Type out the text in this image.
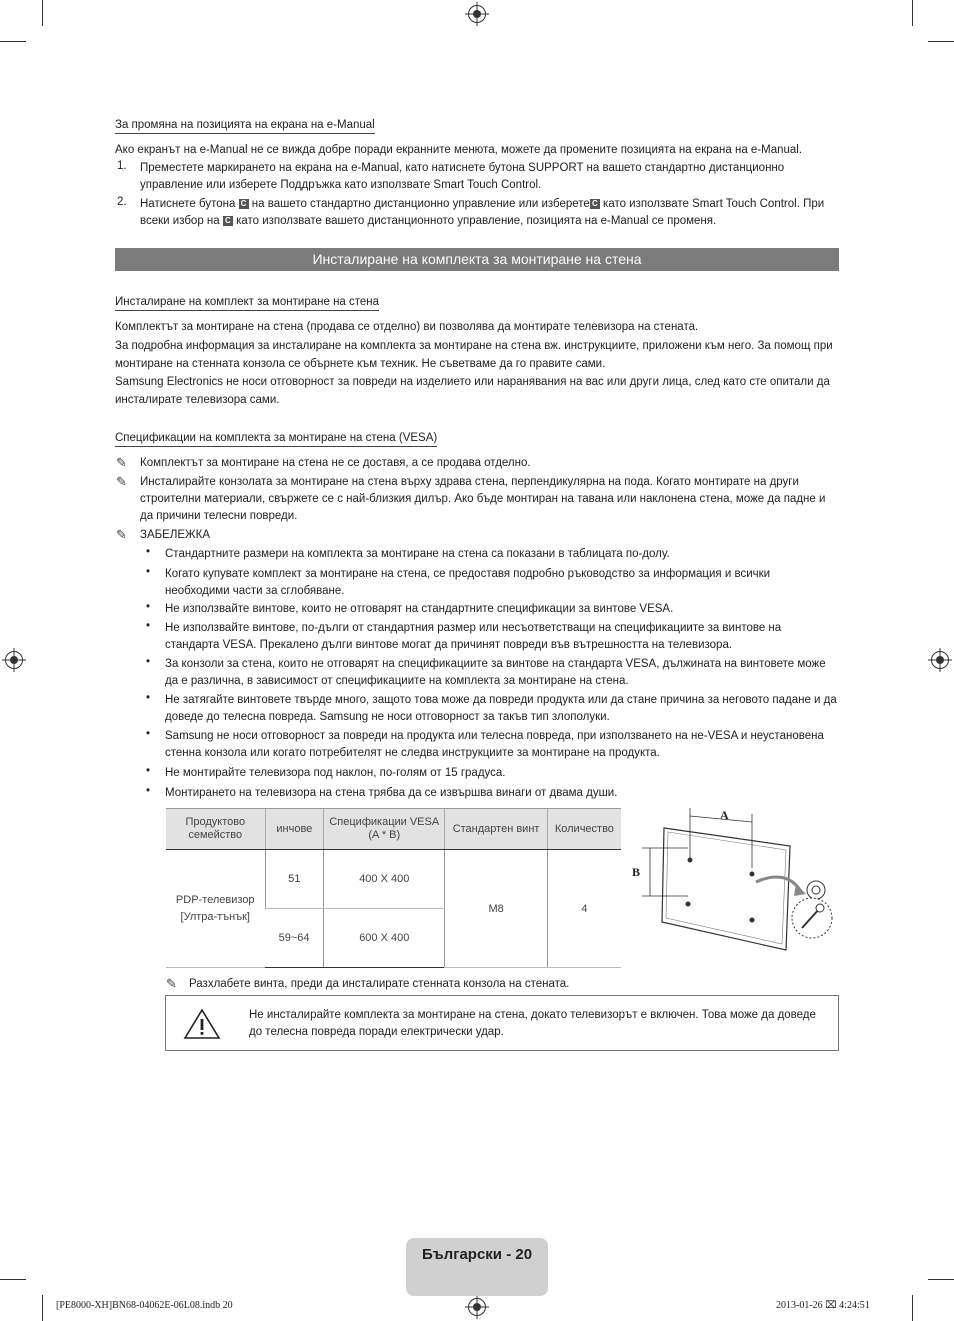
За промяна на позицията на екрана на e-Manual
Ако екранът на e-Manual не се вижда добре поради екранните менюта, можете да промените позицията на екрана на e-Manual.
1. Преместете маркирането на екрана на e-Manual, като натиснете бутона SUPPORT на вашето стандартно дистанционно управление или изберете Поддръжка като използвате Smart Touch Control.
2. Натиснете бутона C на вашето стандартно дистанционно управление или изберете C като използвате Smart Touch Control. При всеки избор на C като използвате вашето дистанционното управление, позицията на e-Manual се променя.
Инсталиране на комплекта за монтиране на стена
Инсталиране на комплект за монтиране на стена
Комплектът за монтиране на стена (продава се отделно) ви позволява да монтирате телевизора на стената.
За подробна информация за инсталиране на комплекта за монтиране на стена вж. инструкциите, приложени към него. За помощ при монтиране на стенната конзола се обърнете към техник. Не съветваме да го правите сами.
Samsung Electronics не носи отговорност за повреди на изделието или наранявания на вас или други лица, след като сте опитали да инсталирате телевизора сами.
Спецификации на комплекта за монтиране на стена (VESA)
✎ Комплектът за монтиране на стена не се доставя, а се продава отделно.
✎ Инсталирайте конзолата за монтиране на стена върху здрава стена, перпендикулярна на пода. Когато монтирате на други строителни материали, свържете се с най-близкия дилър. Ако бъде монтиран на тавана или наклонена стена, може да падне и да причини телесни повреди.
✎ ЗАБЕЛЕЖКА
• Стандартните размери на комплекта за монтиране на стена са показани в таблицата по-долу.
• Когато купувате комплект за монтиране на стена, се предоставя подробно ръководство за информация и всички необходими части за сглобяване.
• Не използвайте винтове, които не отговарят на стандартните спецификации за винтове VESA.
• Не използвайте винтове, по-дълги от стандартния размер или несъответстващи на спецификациите за винтове на стандарта VESA. Прекалено дълги винтове могат да причинят повреди във вътрешността на телевизора.
• За конзоли за стена, които не отговарят на спецификациите за винтове на стандарта VESA, дължината на винтовете може да е различна, в зависимост от спецификациите на комплекта за монтиране на стена.
• Не затягайте винтовете твърде много, защото това може да повреди продукта или да стане причина за неговото падане и да доведе до телесна повреда. Samsung не носи отговорност за такъв тип злополуки.
• Samsung не носи отговорност за повреди на продукта или телесна повреда, при използването на не-VESA и неустановена стенна конзола или когато потребителят не следва инструкциите за монтиране на продукта.
• Не монтирайте телевизора под наклон, по-голям от 15 градуса.
• Монтирането на телевизора на стена трябва да се извършва винаги от двама души.
Продуктово семейство	инчове	Спецификации VESA (A * B)	Стандартен винт	Количество
PDP-телевизор [Ултра-тънък]	51	400 X 400	M8	4
	59~64	600 X 400		
A
B
✎ Разхлабете винта, преди да инсталирате стенната конзола на стената.
Не инсталирайте комплекта за монтиране на стена, докато телевизорът е включен. Това може да доведе до телесна повреда поради електрически удар.
Български - 20
[PE8000-XH]BN68-04062E-06L08.indb 20	2013-01-26 ⌧ 4:24:51
